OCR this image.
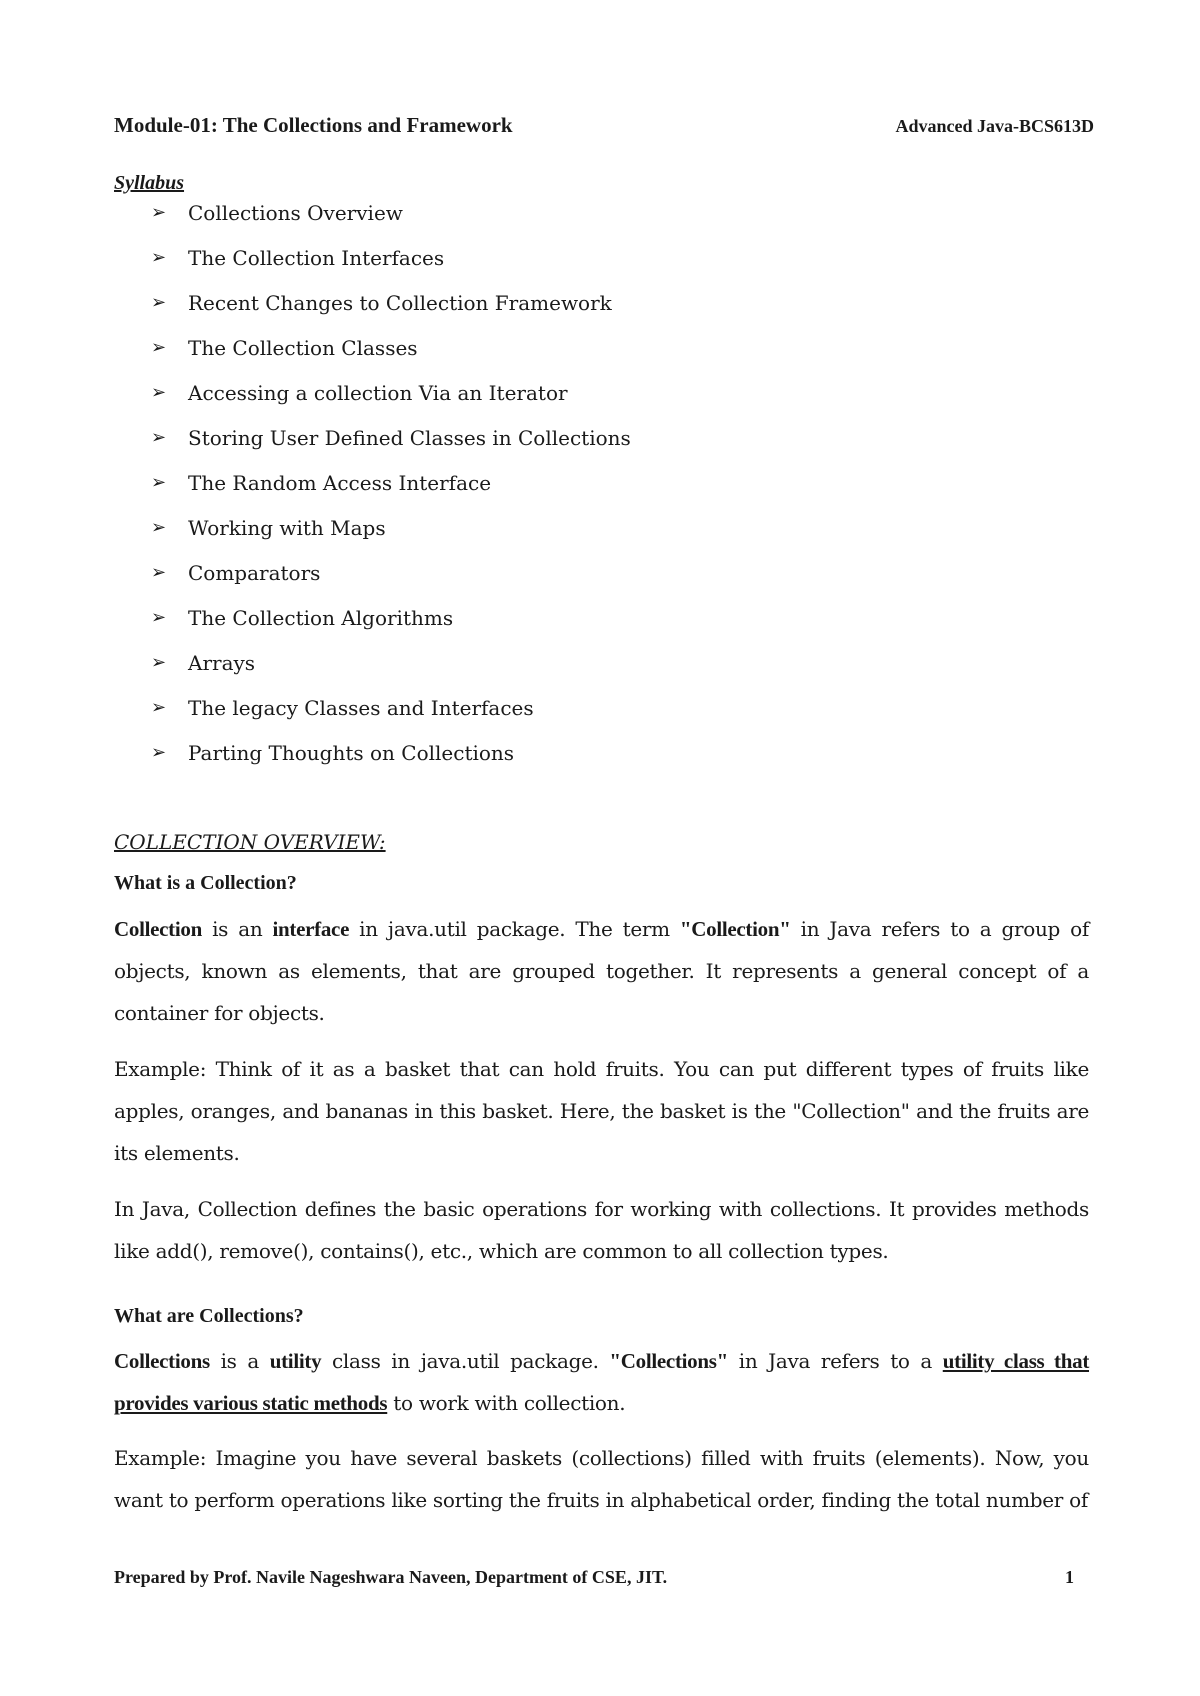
Module-01: The Collections and Framework	Advanced Java-BCS613D
Syllabus
➢	Collections Overview
➢	The Collection Interfaces
➢	Recent Changes to Collection Framework
➢	The Collection Classes
➢	Accessing a collection Via an Iterator
➢	Storing User Defined Classes in Collections
➢	The Random Access Interface
➢	Working with Maps
➢	Comparators
➢	The Collection Algorithms
➢	Arrays
➢	The legacy Classes and Interfaces
➢	Parting Thoughts on Collections
COLLECTION OVERVIEW:
What is a Collection?

Collection is an interface in java.util package. The term "Collection" in Java refers to a group of objects, known as elements, that are grouped together. It represents a general concept of a container for objects.

Example: Think of it as a basket that can hold fruits. You can put different types of fruits like apples, oranges, and bananas in this basket. Here, the basket is the "Collection" and the fruits are its elements.

In Java, Collection defines the basic operations for working with collections. It provides methods like add(), remove(), contains(), etc., which are common to all collection types.

What are Collections?

Collections is a utility class in java.util package. "Collections" in Java refers to a utility class that provides various static methods to work with collection.

Example: Imagine you have several baskets (collections) filled with fruits (elements). Now, you want to perform operations like sorting the fruits in alphabetical order, finding the total number of

Prepared by Prof. Navile Nageshwara Naveen, Department of CSE, JIT.	1
